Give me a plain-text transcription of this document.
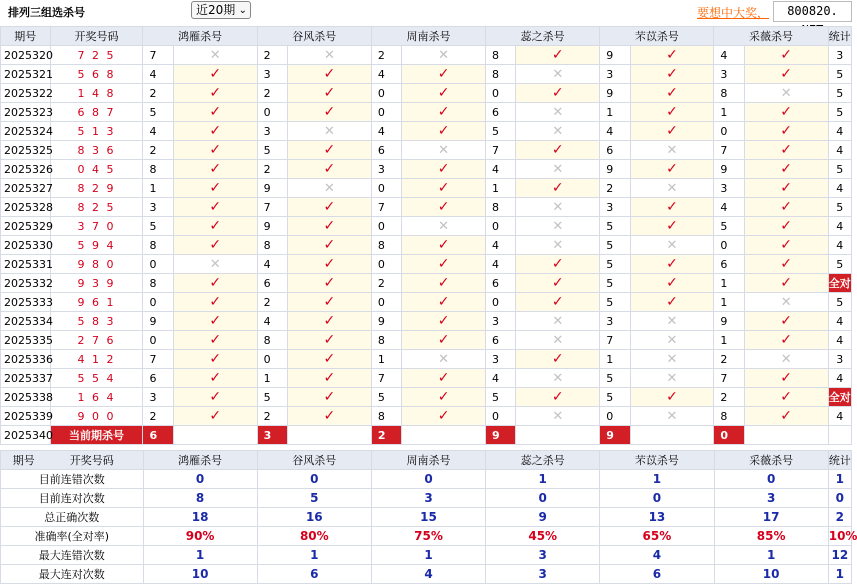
排列三组选杀号	近20期 ⌄	要想中大奖，	800820.
期号	开奖号码	鸿雁杀号		谷风杀号		周南杀号		蕊之杀号		芣苡杀号		采薇杀号		统计
2025320	7 2 5	7	✕	2	✕	2	✕	8	✓	9	✓	4	✓	3
2025321	5 6 8	4	✓	3	✓	4	✓	8	✕	3	✓	3	✓	5
2025322	1 4 8	2	✓	2	✓	0	✓	0	✓	9	✓	8	✕	5
2025323	6 8 7	5	✓	0	✓	0	✓	6	✕	1	✓	1	✓	5
2025324	5 1 3	4	✓	3	✕	4	✓	5	✕	4	✓	0	✓	4
2025325	8 3 6	2	✓	5	✓	6	✕	7	✓	6	✕	7	✓	4
2025326	0 4 5	8	✓	2	✓	3	✓	4	✕	9	✓	9	✓	5
2025327	8 2 9	1	✓	9	✕	0	✓	1	✓	2	✕	3	✓	4
2025328	8 2 5	3	✓	7	✓	7	✓	8	✕	3	✓	4	✓	5
2025329	3 7 0	5	✓	9	✓	0	✕	0	✕	5	✓	5	✓	4
2025330	5 9 4	8	✓	8	✓	8	✓	4	✕	5	✕	0	✓	4
2025331	9 8 0	0	✕	4	✓	0	✓	4	✓	5	✓	6	✓	5
2025332	9 3 9	8	✓	6	✓	2	✓	6	✓	5	✓	1	✓	全对
2025333	9 6 1	0	✓	2	✓	0	✓	0	✓	5	✓	1	✕	5
2025334	5 8 3	9	✓	4	✓	9	✓	3	✕	3	✕	9	✓	4
2025335	2 7 6	0	✓	8	✓	8	✓	6	✕	7	✕	1	✓	4
2025336	4 1 2	7	✓	0	✓	1	✕	3	✓	1	✕	2	✕	3
2025337	5 5 4	6	✓	1	✓	7	✓	4	✕	5	✕	7	✓	4
2025338	1 6 4	3	✓	5	✓	5	✓	5	✓	5	✓	2	✓	全对
2025339	9 0 0	2	✓	2	✓	8	✓	0	✕	0	✕	8	✓	4
2025340	当前期杀号	6		3		2		9		9		0		
期号 开奖号码	鸿雁杀号	谷风杀号	周南杀号	蕊之杀号	芣苡杀号	采薇杀号	统计
目前连错次数	0	0	0	1	1	0	1
目前连对次数	8	5	3	0	0	3	0
总正确次数	18	16	15	9	13	17	2
准确率(全对率)	90%	80%	75%	45%	65%	85%	10%
最大连错次数	1	1	1	3	4	1	12
最大连对次数	10	6	4	3	6	10	1
